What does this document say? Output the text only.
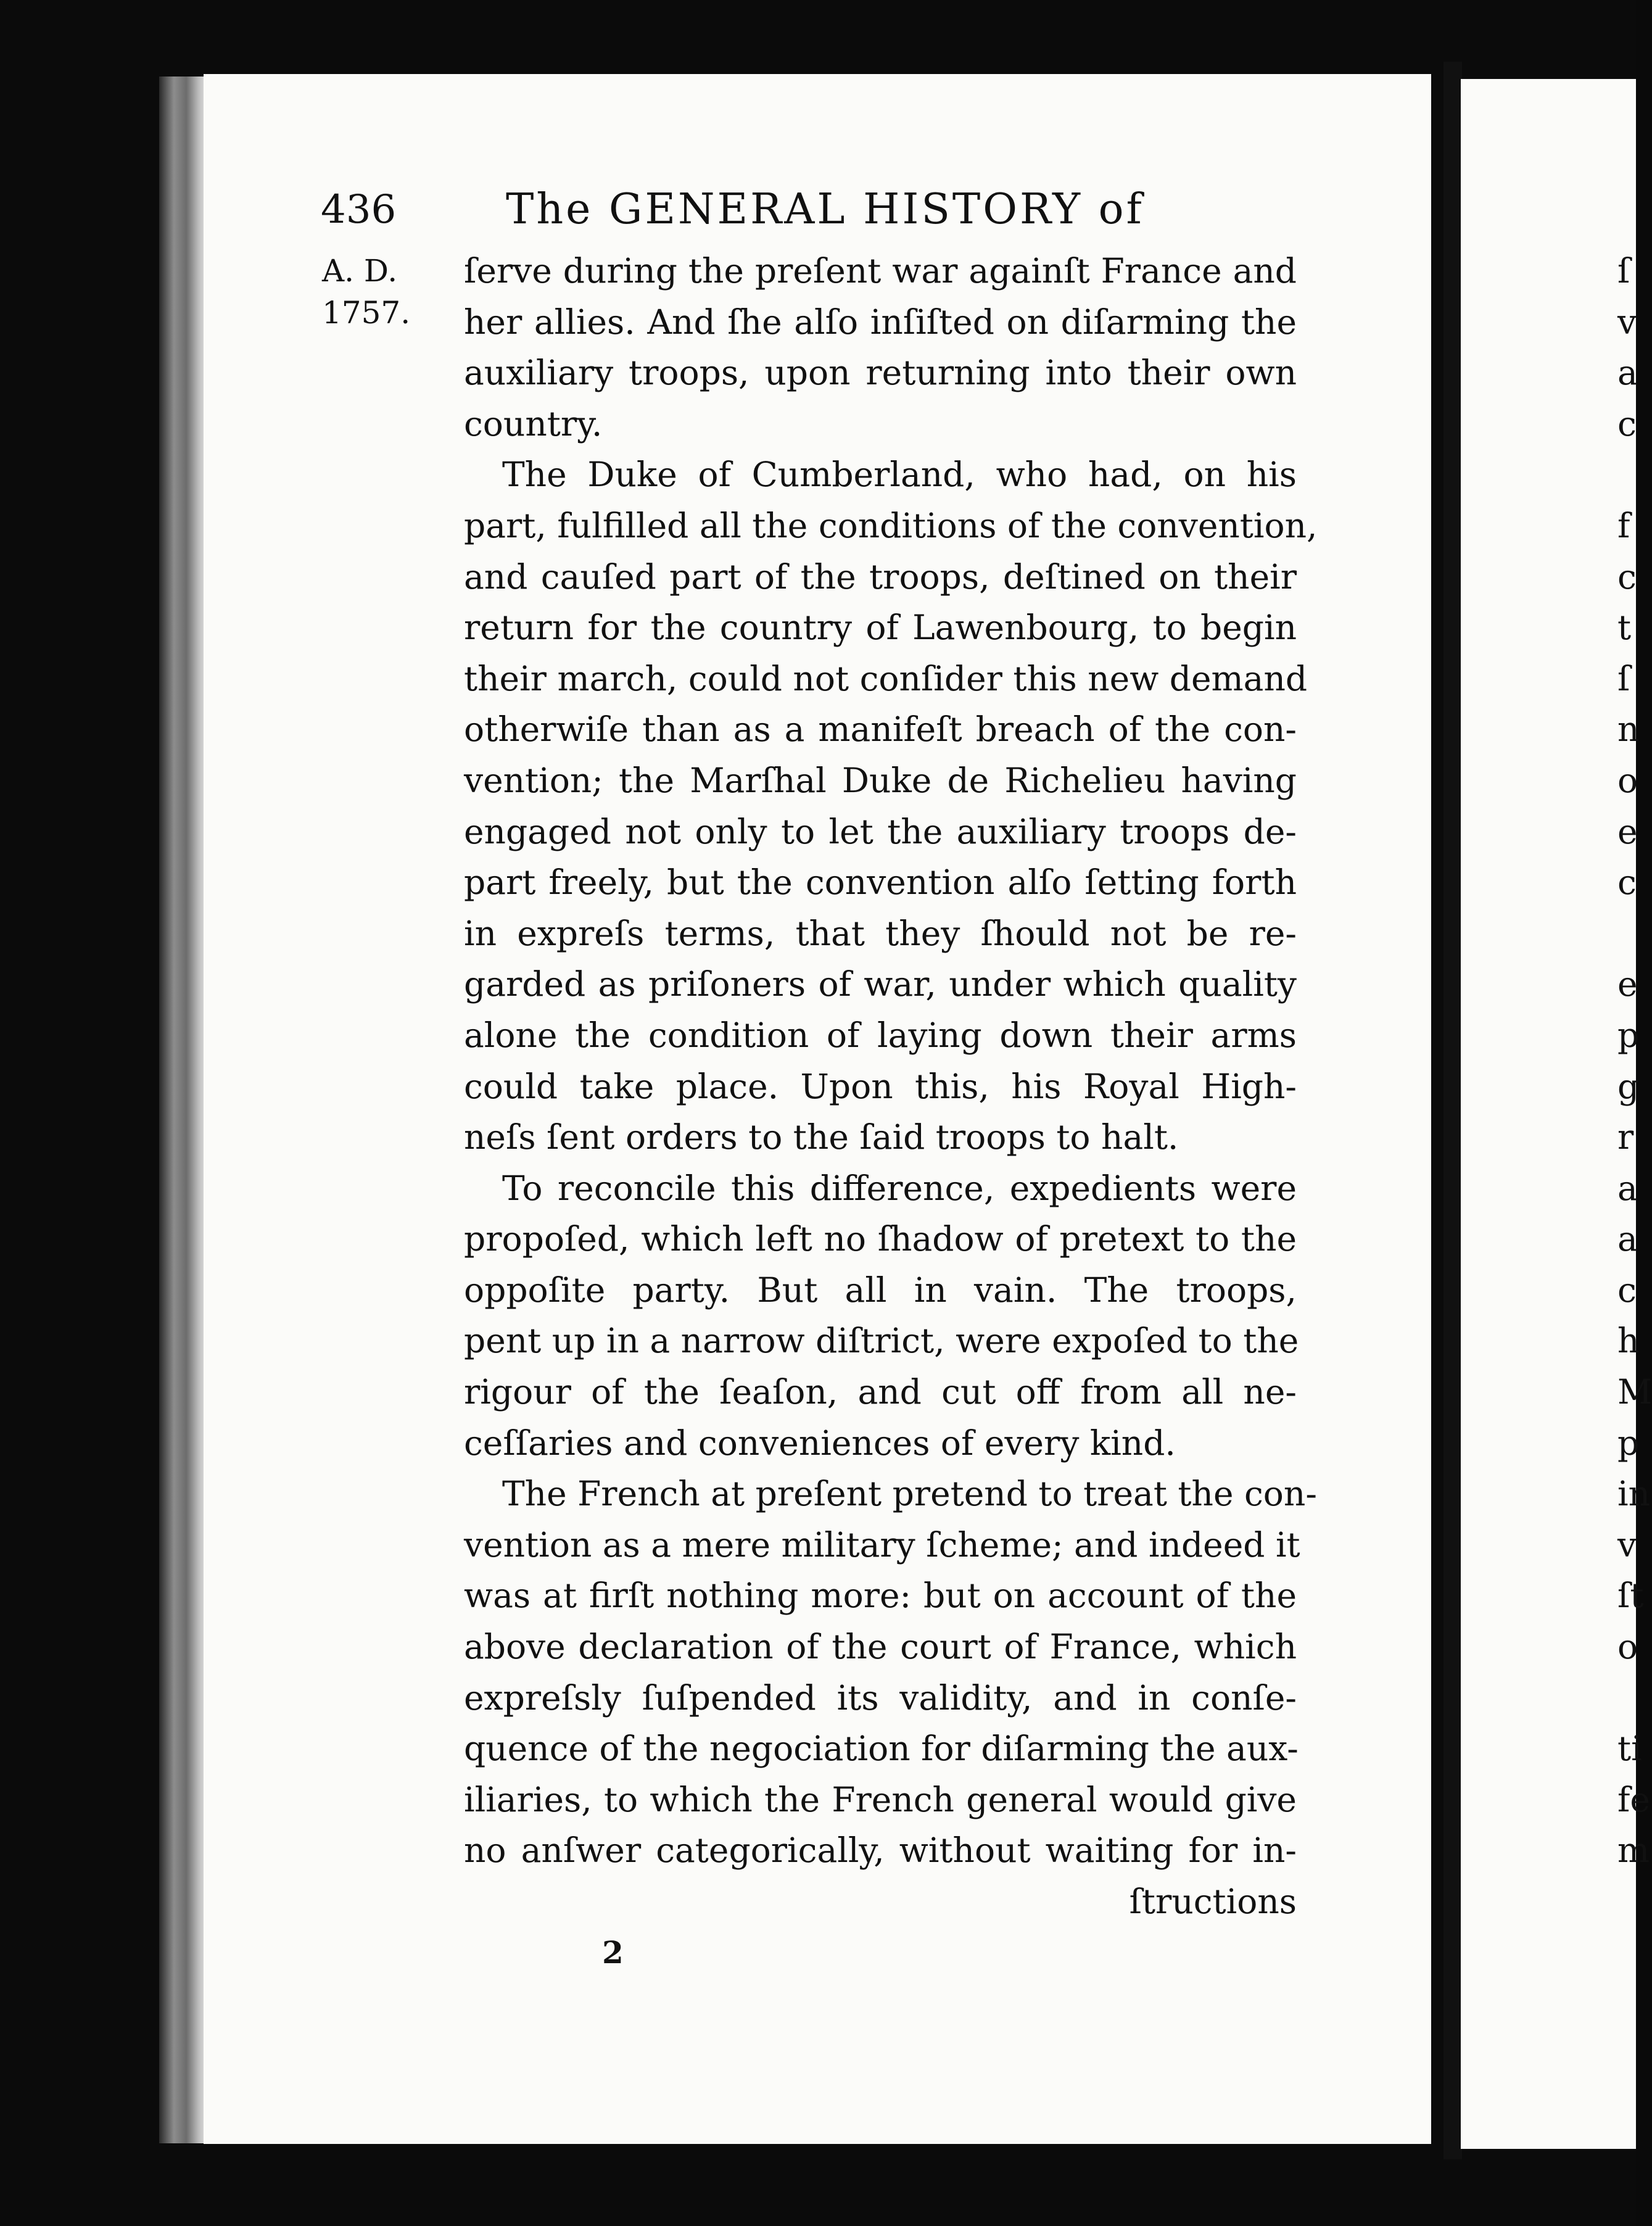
436	The GENERAL HISTORY of
A. D.
1757.
ſerve during the preſent war againſt France and
her allies. And ſhe alſo inſiſted on diſarming the
auxiliary troops, upon returning into their own
country.
The Duke of Cumberland, who had, on his
part, fulfilled all the conditions of the convention,
and cauſed part of the troops, deſtined on their
return for the country of Lawenbourg, to begin
their march, could not conſider this new demand
otherwiſe than as a manifeſt breach of the con-
vention; the Marſhal Duke de Richelieu having
engaged not only to let the auxiliary troops de-
part freely, but the convention alſo ſetting forth
in expreſs terms, that they ſhould not be re-
garded as priſoners of war, under which quality
alone the condition of laying down their arms
could take place. Upon this, his Royal High-
neſs ſent orders to the ſaid troops to halt.
To reconcile this difference, expedients were
propoſed, which left no ſhadow of pretext to the
oppoſite party. But all in vain. The troops,
pent up in a narrow diſtrict, were expoſed to the
rigour of the ſeaſon, and cut off from all ne-
ceſſaries and conveniences of every kind.
The French at preſent pretend to treat the con-
vention as a mere military ſcheme; and indeed it
was at firſt nothing more: but on account of the
above declaration of the court of France, which
expreſsly ſuſpended its validity, and in conſe-
quence of the negociation for diſarming the aux-
iliaries, to which the French general would give
no anſwer categorically, without waiting for in-
ſtructions
2
ſ
v
a
c
f
c
t
ſ
n
o
e
c
e
p
g
r
a
a
c
h
M
p
in
v
ſt
o
ti
fe
m
